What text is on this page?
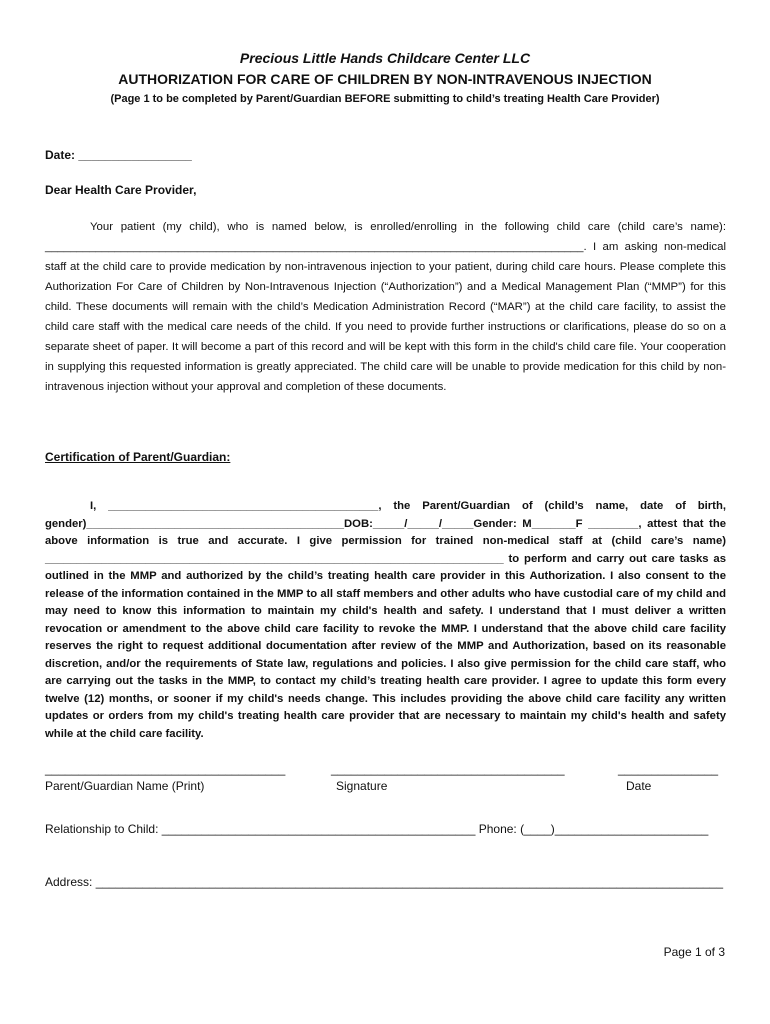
Precious Little Hands Childcare Center LLC
AUTHORIZATION FOR CARE OF CHILDREN BY NON-INTRAVENOUS INJECTION
(Page 1 to be completed by Parent/Guardian BEFORE submitting to child’s treating Health Care Provider)
Date: _________________
Dear Health Care Provider,

Your patient (my child), who is named below, is enrolled/enrolling in the following child care (child care’s name): _____________________________________________________________________________________. I am asking non-medical staff at the child care to provide medication by non-intravenous injection to your patient, during child care hours. Please complete this Authorization For Care of Children by Non-Intravenous Injection (“Authorization”) and a Medical Management Plan (“MMP”) for this child. These documents will remain with the child’s Medication Administration Record (“MAR”) at the child care facility, to assist the child care staff with the medical care needs of the child. If you need to provide further instructions or clarifications, please do so on a separate sheet of paper. It will become a part of this record and will be kept with this form in the child's child care file. Your cooperation in supplying this requested information is greatly appreciated. The child care will be unable to provide medication for this child by non-intravenous injection without your approval and completion of these documents.

Certification of Parent/Guardian:

I, ___________________________________________, the Parent/Guardian of (child’s name, date of birth, gender)_________________________________________DOB:_____/_____/_____Gender: M_______F ________, attest that the above information is true and accurate. I give permission for trained non-medical staff at (child care’s name) _________________________________________________________________________ to perform and carry out care tasks as outlined in the MMP and authorized by the child’s treating health care provider in this Authorization. I also consent to the release of the information contained in the MMP to all staff members and other adults who have custodial care of my child and may need to know this information to maintain my child's health and safety. I understand that I must deliver a written revocation or amendment to the above child care facility to revoke the MMP. I understand that the above child care facility reserves the right to request additional documentation after review of the MMP and Authorization, based on its reasonable discretion, and/or the requirements of State law, regulations and policies. I also give permission for the child care staff, who are carrying out the tasks in the MMP, to contact my child’s treating health care provider. I agree to update this form every twelve (12) months, or sooner if my child's needs change. This includes providing the above child care facility any written updates or orders from my child's treating health care provider that are necessary to maintain my child's health and safety while at the child care facility.

____________________________________	___________________________________	_______________
Parent/Guardian Name (Print)	Signature	Date
Relationship to Child: _______________________________________________ Phone: (____)_______________________
Address: ______________________________________________________________________________________________
Page 1 of 3
